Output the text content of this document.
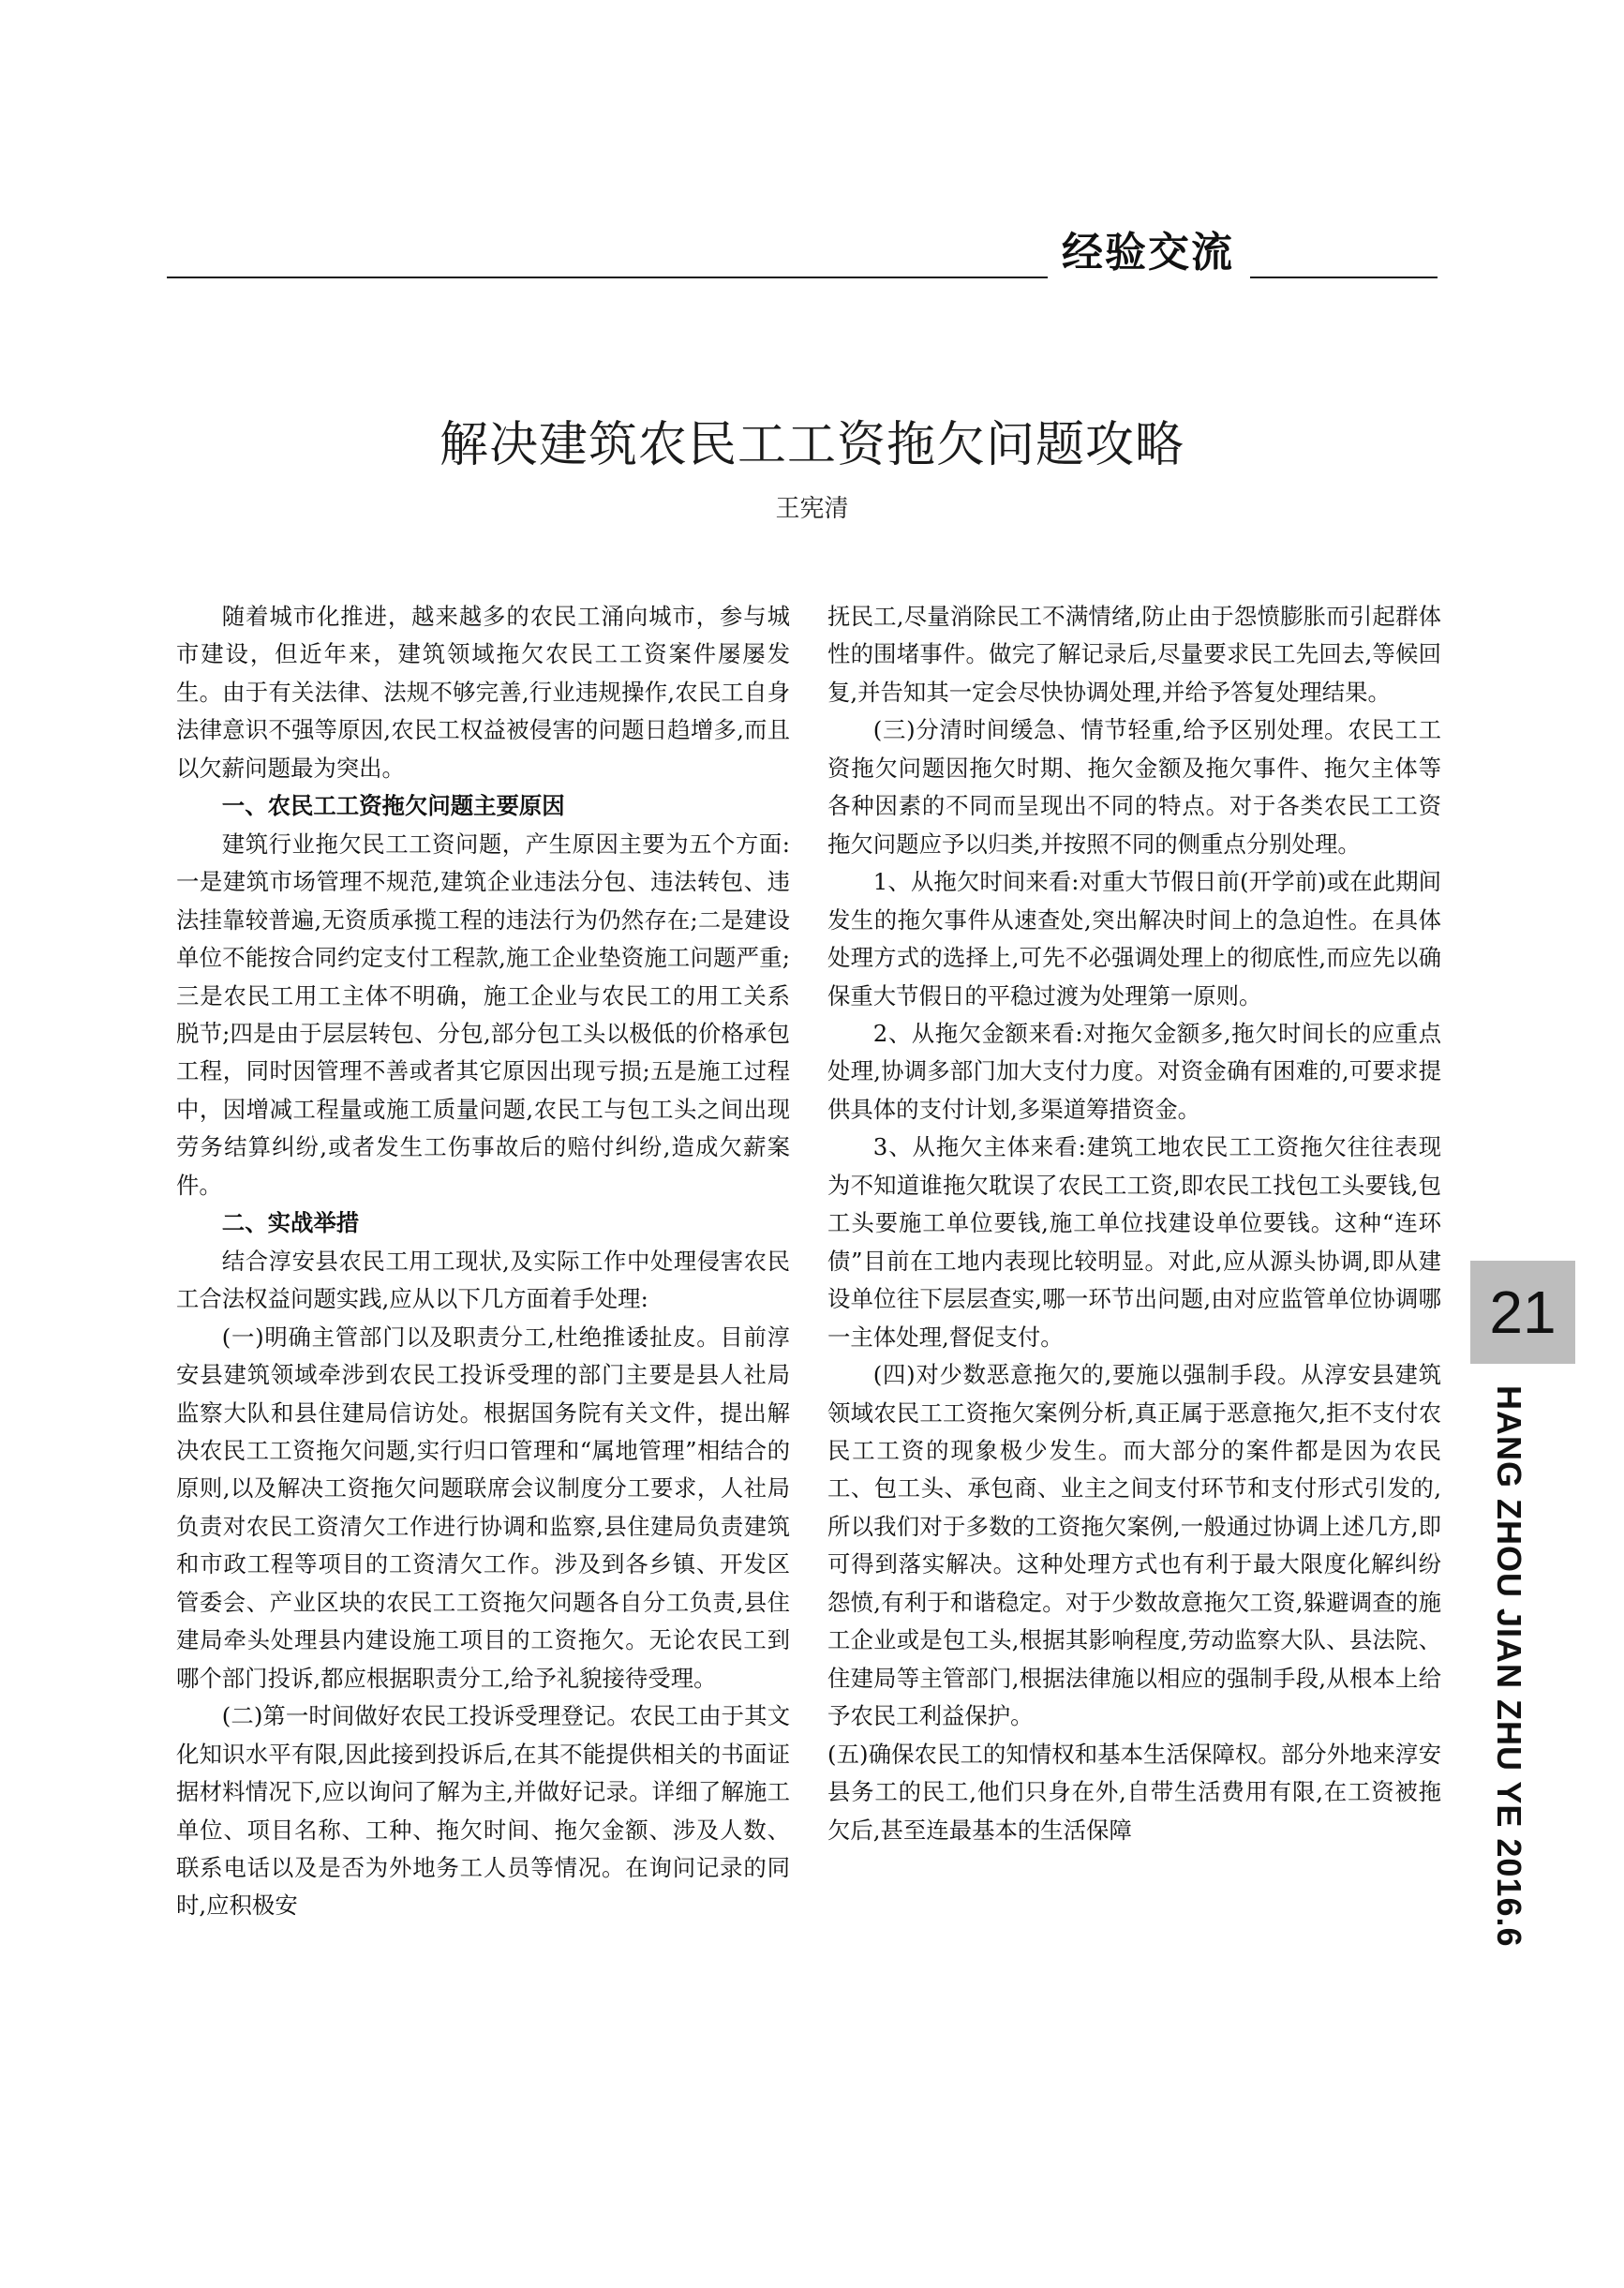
经验交流
解决建筑农民工工资拖欠问题攻略
王宪清

随着城市化推进，越来越多的农民工涌向城市，参与城市建设，但近年来，建筑领域拖欠农民工工资案件屡屡发生。由于有关法律、法规不够完善,行业违规操作,农民工自身法律意识不强等原因,农民工权益被侵害的问题日趋增多,而且以欠薪问题最为突出。

一、农民工工资拖欠问题主要原因

建筑行业拖欠民工工资问题，产生原因主要为五个方面:一是建筑市场管理不规范,建筑企业违法分包、违法转包、违法挂靠较普遍,无资质承揽工程的违法行为仍然存在;二是建设单位不能按合同约定支付工程款,施工企业垫资施工问题严重;三是农民工用工主体不明确，施工企业与农民工的用工关系脱节;四是由于层层转包、分包,部分包工头以极低的价格承包工程，同时因管理不善或者其它原因出现亏损;五是施工过程中，因增减工程量或施工质量问题,农民工与包工头之间出现劳务结算纠纷,或者发生工伤事故后的赔付纠纷,造成欠薪案件。

二、实战举措

结合淳安县农民工用工现状,及实际工作中处理侵害农民工合法权益问题实践,应从以下几方面着手处理:

(一)明确主管部门以及职责分工,杜绝推诿扯皮。目前淳安县建筑领域牵涉到农民工投诉受理的部门主要是县人社局监察大队和县住建局信访处。根据国务院有关文件，提出解决农民工工资拖欠问题,实行归口管理和“属地管理”相结合的原则,以及解决工资拖欠问题联席会议制度分工要求，人社局负责对农民工资清欠工作进行协调和监察,县住建局负责建筑和市政工程等项目的工资清欠工作。涉及到各乡镇、开发区管委会、产业区块的农民工工资拖欠问题各自分工负责,县住建局牵头处理县内建设施工项目的工资拖欠。无论农民工到哪个部门投诉,都应根据职责分工,给予礼貌接待受理。

(二)第一时间做好农民工投诉受理登记。农民工由于其文化知识水平有限,因此接到投诉后,在其不能提供相关的书面证据材料情况下,应以询问了解为主,并做好记录。详细了解施工单位、项目名称、工种、拖欠时间、拖欠金额、涉及人数、联系电话以及是否为外地务工人员等情况。在询问记录的同时,应积极安

抚民工,尽量消除民工不满情绪,防止由于怨愤膨胀而引起群体性的围堵事件。做完了解记录后,尽量要求民工先回去,等候回复,并告知其一定会尽快协调处理,并给予答复处理结果。

(三)分清时间缓急、情节轻重,给予区别处理。农民工工资拖欠问题因拖欠时期、拖欠金额及拖欠事件、拖欠主体等各种因素的不同而呈现出不同的特点。对于各类农民工工资拖欠问题应予以归类,并按照不同的侧重点分别处理。

1、从拖欠时间来看:对重大节假日前(开学前)或在此期间发生的拖欠事件从速查处,突出解决时间上的急迫性。在具体处理方式的选择上,可先不必强调处理上的彻底性,而应先以确保重大节假日的平稳过渡为处理第一原则。

2、从拖欠金额来看:对拖欠金额多,拖欠时间长的应重点处理,协调多部门加大支付力度。对资金确有困难的,可要求提供具体的支付计划,多渠道筹措资金。

3、从拖欠主体来看:建筑工地农民工工资拖欠往往表现为不知道谁拖欠耽误了农民工工资,即农民工找包工头要钱,包工头要施工单位要钱,施工单位找建设单位要钱。这种“连环债”目前在工地内表现比较明显。对此,应从源头协调,即从建设单位往下层层查实,哪一环节出问题,由对应监管单位协调哪一主体处理,督促支付。

(四)对少数恶意拖欠的,要施以强制手段。从淳安县建筑领域农民工工资拖欠案例分析,真正属于恶意拖欠,拒不支付农民工工资的现象极少发生。而大部分的案件都是因为农民工、包工头、承包商、业主之间支付环节和支付形式引发的,所以我们对于多数的工资拖欠案例,一般通过协调上述几方,即可得到落实解决。这种处理方式也有利于最大限度化解纠纷怨愤,有利于和谐稳定。对于少数故意拖欠工资,躲避调查的施工企业或是包工头,根据其影响程度,劳动监察大队、县法院、住建局等主管部门,根据法律施以相应的强制手段,从根本上给予农民工利益保护。

(五)确保农民工的知情权和基本生活保障权。部分外地来淳安县务工的民工,他们只身在外,自带生活费用有限,在工资被拖欠后,甚至连最基本的生活保障

21
HANG ZHOU JIAN ZHU YE 2016.6
